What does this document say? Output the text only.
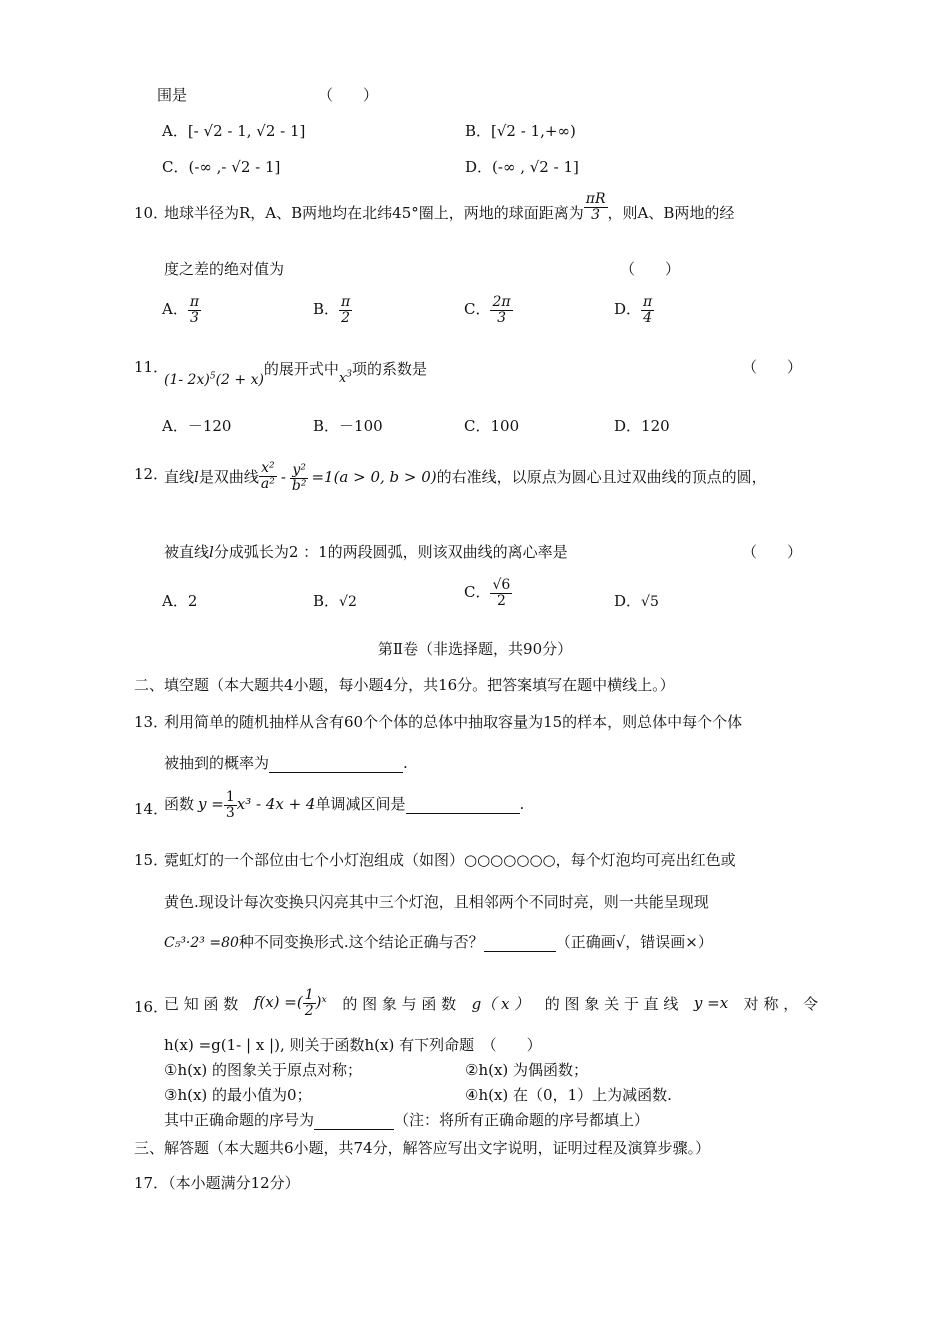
围是	（　　）
A．[- √2 - 1, √2 - 1]	B．[√2 - 1,+∞)
C．(-∞ ,- √2 - 1]	D．(-∞ , √2 - 1]
10．
地球半径为R，A、B两地均在北纬45°圈上，两地的球面距离为 $\frac{\pi R}{3}$ ，则A、B两地的经
度之差的绝对值为	（　　）
A． $\frac{\pi}{3}$	B． $\frac{\pi}{2}$	C． $\frac{2\pi}{3}$	D． $\frac{\pi}{4}$
11．
(1- 2x)$^5$(2 + x)的展开式中$x^3$项的系数是	（　　）
A．－120	B．－100	C．100	D．120
12．
直线l是双曲线 $\frac{\text{x²}}{\text{a²}} - \frac{\text{y²}}{\text{b²}} =1(a > 0$, b > 0)的右准线，以原点为圆心且过双曲线的顶点的圆，
被直线l分成弧长为2 ：1的两段圆弧，则该双曲线的离心率是	（　　）
A．2	B．√2
C． $\frac{√6}{2}$	D．√5
第Ⅱ卷（非选择题，共90分）
二、填空题（本大题共4小题，每小题4分，共16分。把答案填写在题中横线上。）
13．
利用简单的随机抽样从含有60个个体的总体中抽取容量为15的样本，则总体中每个个体
被抽到的概率为	.
14．
函数 $y = \frac{1}{3} x^3 - 4x + 4$单调减区间是	.
15．
霓虹灯的一个部位由七个小灯泡组成（如图）○○○○○○○，每个灯泡均可亮出红色或
黄色.现设计每次变换只闪亮其中三个灯泡，且相邻两个不同时亮，则一共能呈现现
C₅³·2³ =80种不同变换形式.这个结论正确与否？	（正确画√，错误画×）
16．
已 知 函 数 f(x) =( $\frac{1}{2}$ )ˣ 的 图 象 与 函 数 g（ x ） 的 图 象 关 于 直 线 y =x 对 称 ， 令
h(x) =g(1- | x |), 则关于函数h(x) 有下列命题　（　　）
①h(x) 的图象关于原点对称；	②h(x) 为偶函数；
③h(x) 的最小值为0；	④h(x) 在（0，1）上为减函数.
其中正确命题的序号为	（注：将所有正确命题的序号都填上）
三、解答题（本大题共6小题，共74分，解答应写出文字说明，证明过程及演算步骤。）
17．（本小题满分12分）
